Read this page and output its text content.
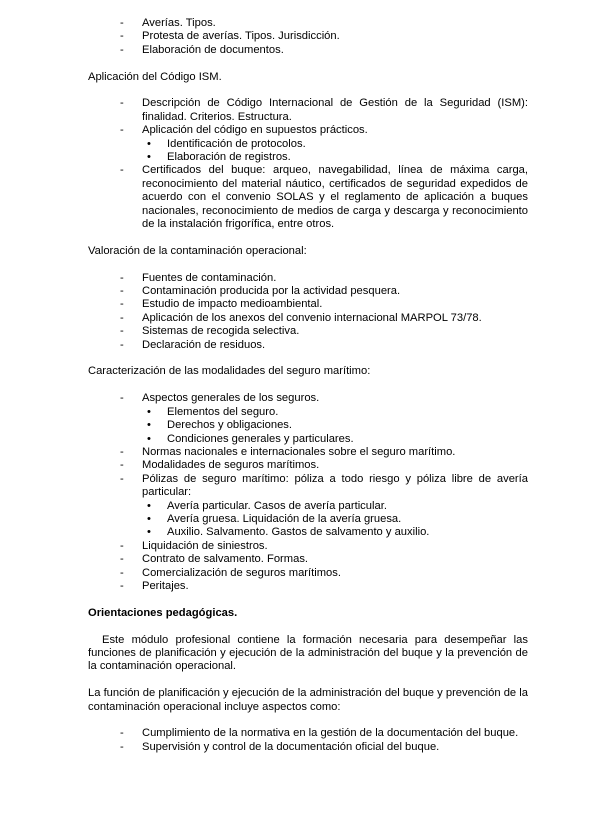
- Averías. Tipos.
- Protesta de averías. Tipos. Jurisdicción.
- Elaboración de documentos.

Aplicación del Código ISM.

- Descripción de Código Internacional de Gestión de la Seguridad (ISM): finalidad. Criterios. Estructura.
- Aplicación del código en supuestos prácticos.
• Identificación de protocolos.
• Elaboración de registros.
- Certificados del buque: arqueo, navegabilidad, línea de máxima carga, reconocimiento del material náutico, certificados de seguridad expedidos de acuerdo con el convenio SOLAS y el reglamento de aplicación a buques nacionales, reconocimiento de medios de carga y descarga y reconocimiento de la instalación frigorífica, entre otros.

Valoración de la contaminación operacional:

- Fuentes de contaminación.
- Contaminación producida por la actividad pesquera.
- Estudio de impacto medioambiental.
- Aplicación de los anexos del convenio internacional MARPOL 73/78.
- Sistemas de recogida selectiva.
- Declaración de residuos.

Caracterización de las modalidades del seguro marítimo:

- Aspectos generales de los seguros.
• Elementos del seguro.
• Derechos y obligaciones.
• Condiciones generales y particulares.
- Normas nacionales e internacionales sobre el seguro marítimo.
- Modalidades de seguros marítimos.
- Pólizas de seguro marítimo: póliza a todo riesgo y póliza libre de avería particular:
• Avería particular. Casos de avería particular.
• Avería gruesa. Liquidación de la avería gruesa.
• Auxilio. Salvamento. Gastos de salvamento y auxilio.
- Liquidación de siniestros.
- Contrato de salvamento. Formas.
- Comercialización de seguros marítimos.
- Peritajes.

Orientaciones pedagógicas.

Este módulo profesional contiene la formación necesaria para desempeñar las funciones de planificación y ejecución de la administración del buque y la prevención de la contaminación operacional.

La función de planificación y ejecución de la administración del buque y prevención de la contaminación operacional incluye aspectos como:

- Cumplimiento de la normativa en la gestión de la documentación del buque.
- Supervisión y control de la documentación oficial del buque.
